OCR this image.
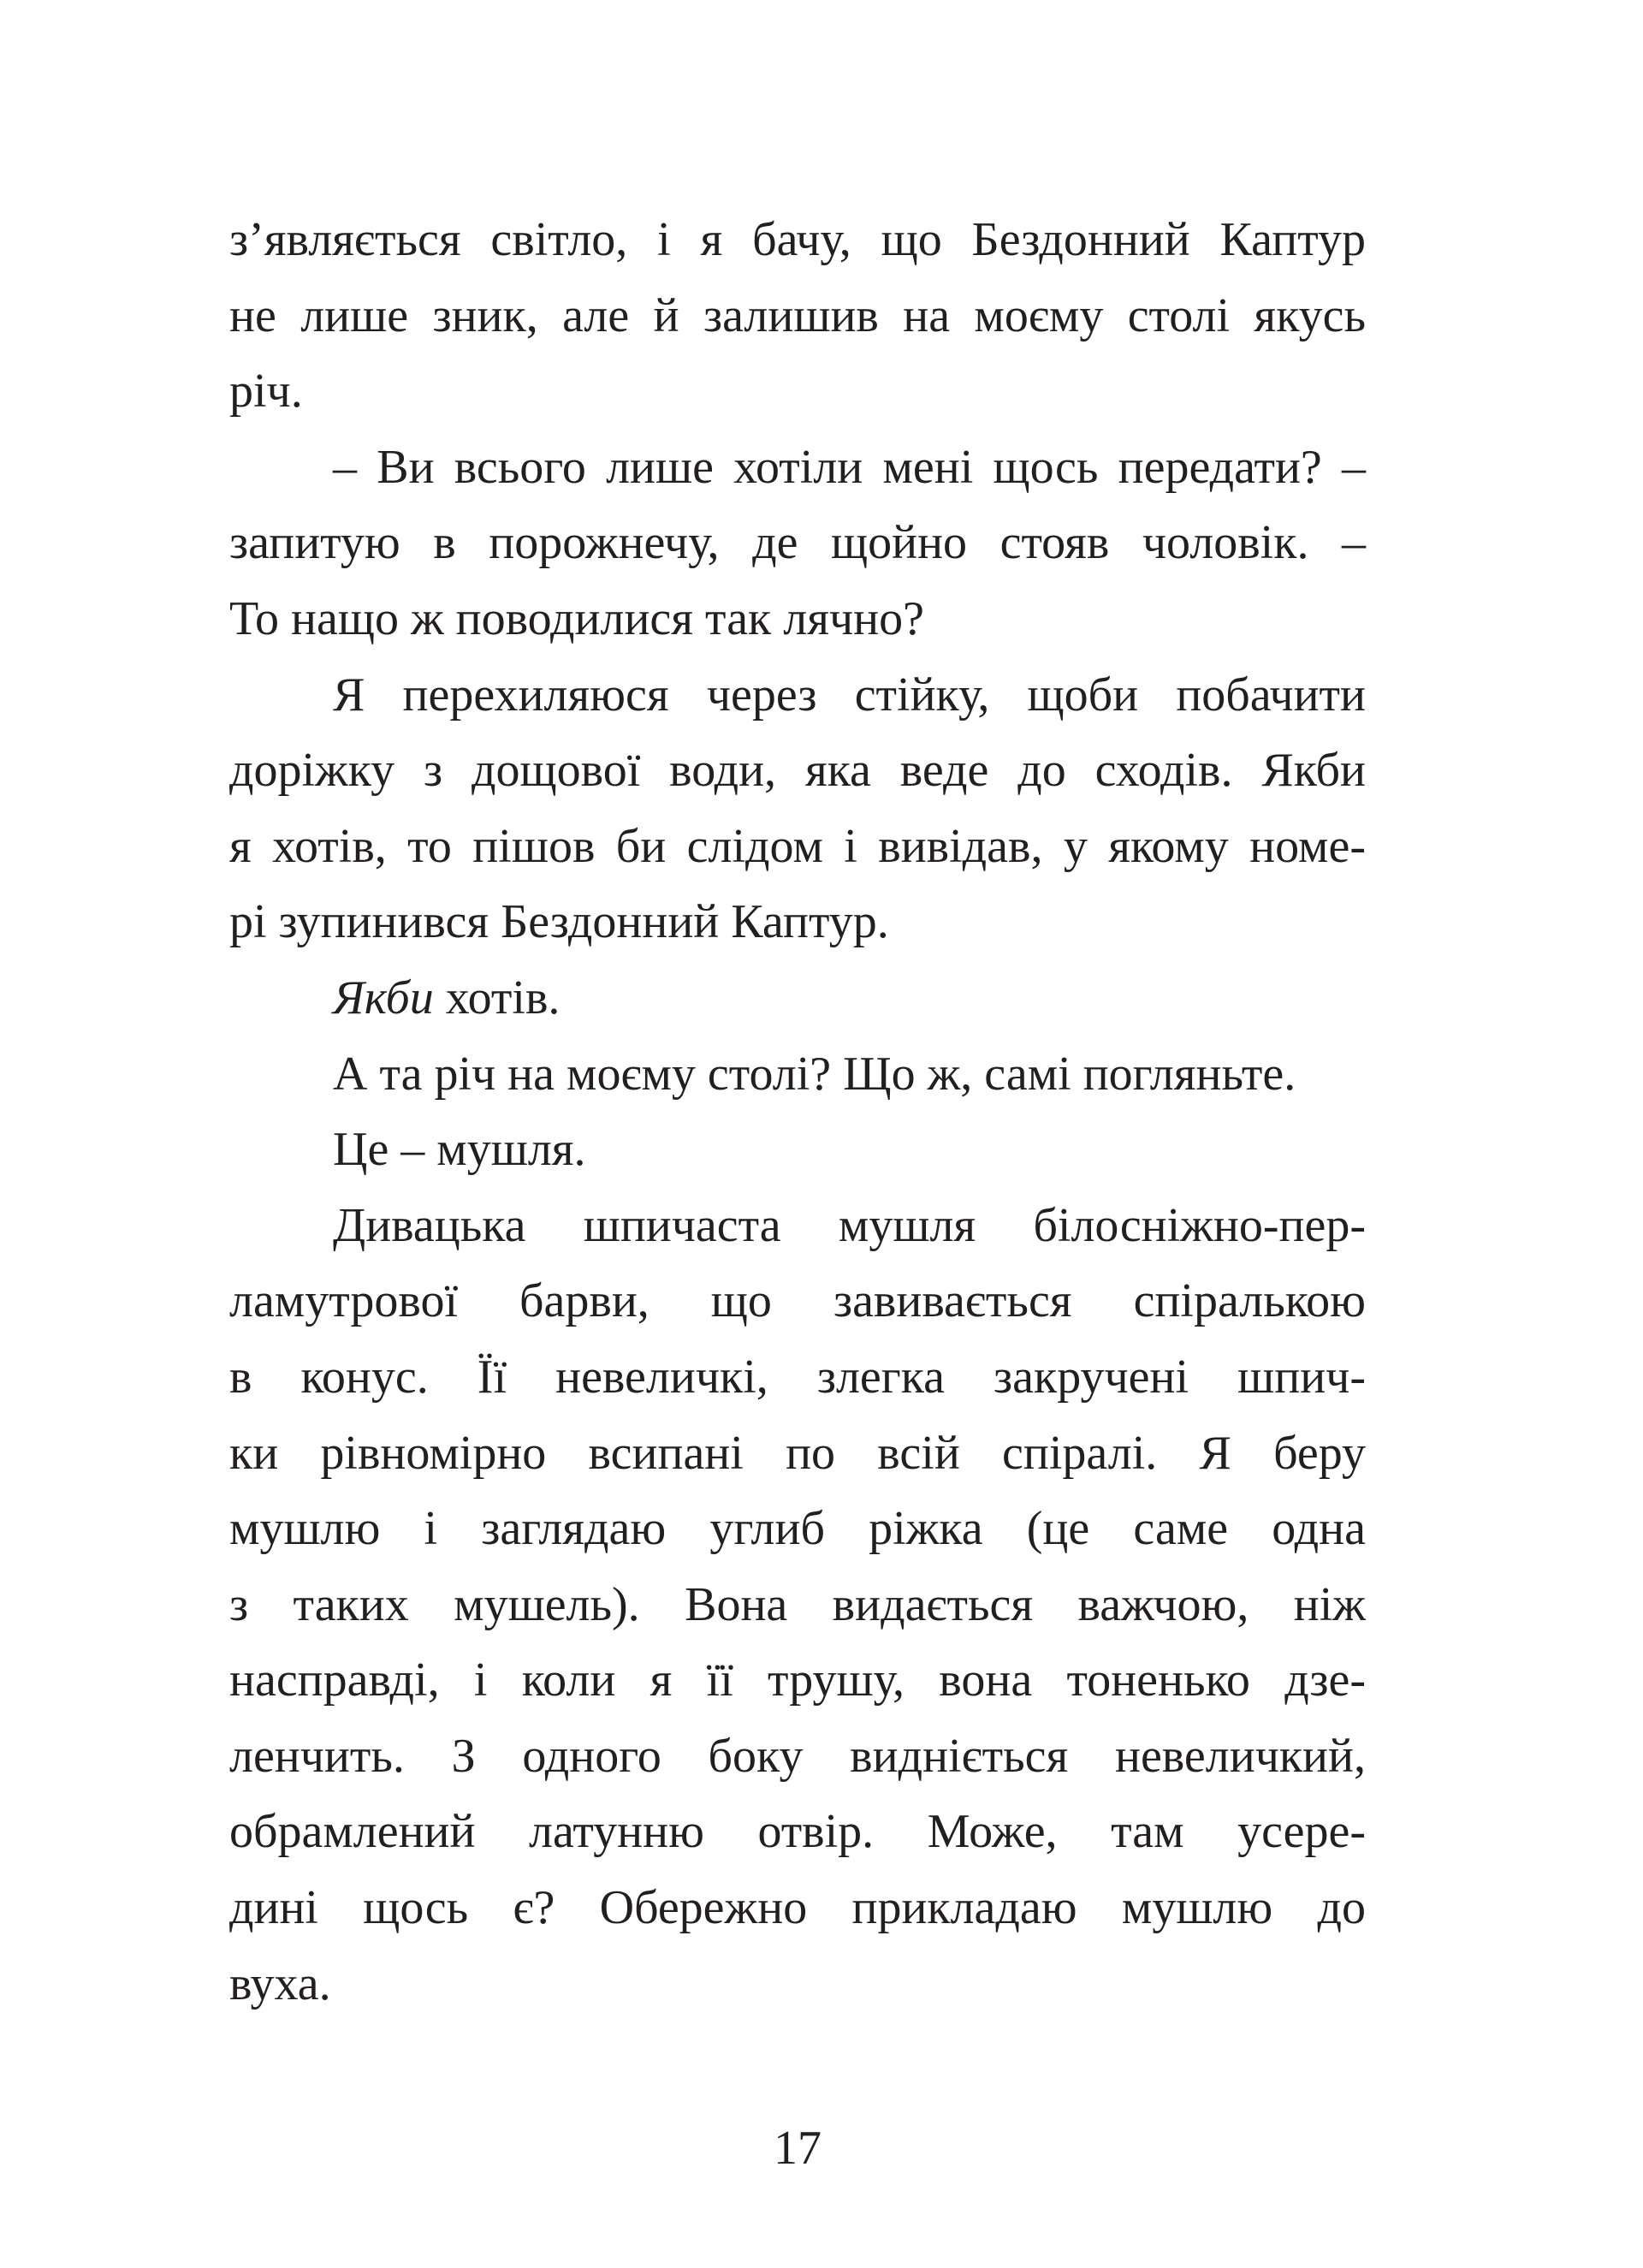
з’являється світло, і я бачу, що Бездонний Каптур
не лише зник, але й залишив на моєму столі якусь
річ.
– Ви всього лише хотіли мені щось передати? –
запитую в порожнечу, де щойно стояв чоловік. –
То нащо ж поводилися так лячно?
Я перехиляюся через стійку, щоби побачити
доріжку з дощової води, яка веде до сходів. Якби
я хотів, то пішов би слідом і вивідав, у якому номе-
рі зупинився Бездонний Каптур.
Якби хотів.
А та річ на моєму столі? Що ж, самі погляньте.
Це – мушля.
Дивацька шпичаста мушля білосніжно-пер-
ламутрової барви, що завивається спіралькою
в конус. Її невеличкі, злегка закручені шпич-
ки рівномірно всипані по всій спіралі. Я беру
мушлю і заглядаю углиб ріжка (це саме одна
з таких мушель). Вона видається важчою, ніж
насправді, і коли я її трушу, вона тоненько дзе-
ленчить. З одного боку видніється невеличкий,
обрамлений латунню отвір. Може, там усере-
дині щось є? Обережно прикладаю мушлю до
вуха.
17
